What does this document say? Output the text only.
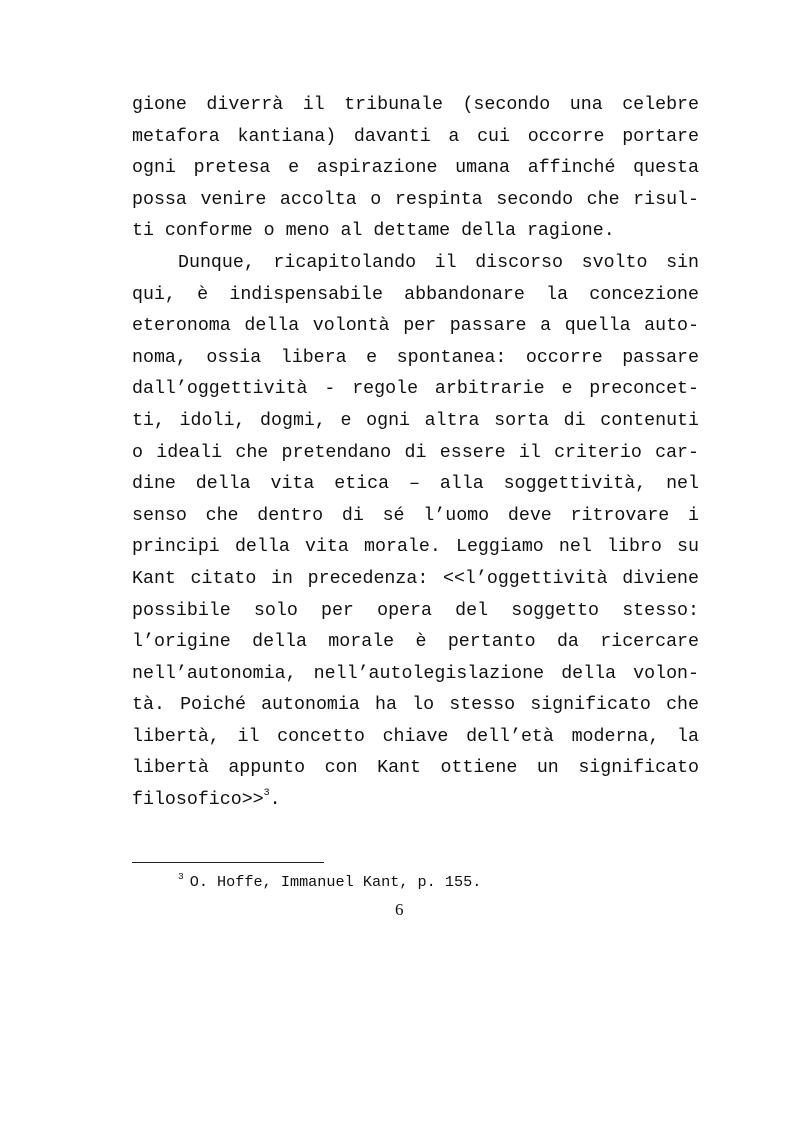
gione diverrà il tribunale (secondo una celebre
metafora kantiana) davanti a cui occorre portare
ogni pretesa e aspirazione umana affinché questa
possa venire accolta o respinta secondo che risul-
ti conforme o meno al dettame della ragione.
Dunque, ricapitolando il discorso svolto sin
qui, è indispensabile abbandonare la concezione
eteronoma della volontà per passare a quella auto-
noma, ossia libera e spontanea: occorre passare
dall’oggettività - regole arbitrarie e preconcet-
ti, idoli, dogmi, e ogni altra sorta di contenuti
o ideali che pretendano di essere il criterio car-
dine della vita etica – alla soggettività, nel
senso che dentro di sé l’uomo deve ritrovare i
principi della vita morale. Leggiamo nel libro su
Kant citato in precedenza: <<l’oggettività diviene
possibile solo per opera del soggetto stesso:
l’origine della morale è pertanto da ricercare
nell’autonomia, nell’autolegislazione della volon-
tà. Poiché autonomia ha lo stesso significato che
libertà, il concetto chiave dell’età moderna, la
libertà appunto con Kant ottiene un significato
filosofico>>$^3$.
$^3$ O. Hoffe, Immanuel Kant, p. 155.
6
